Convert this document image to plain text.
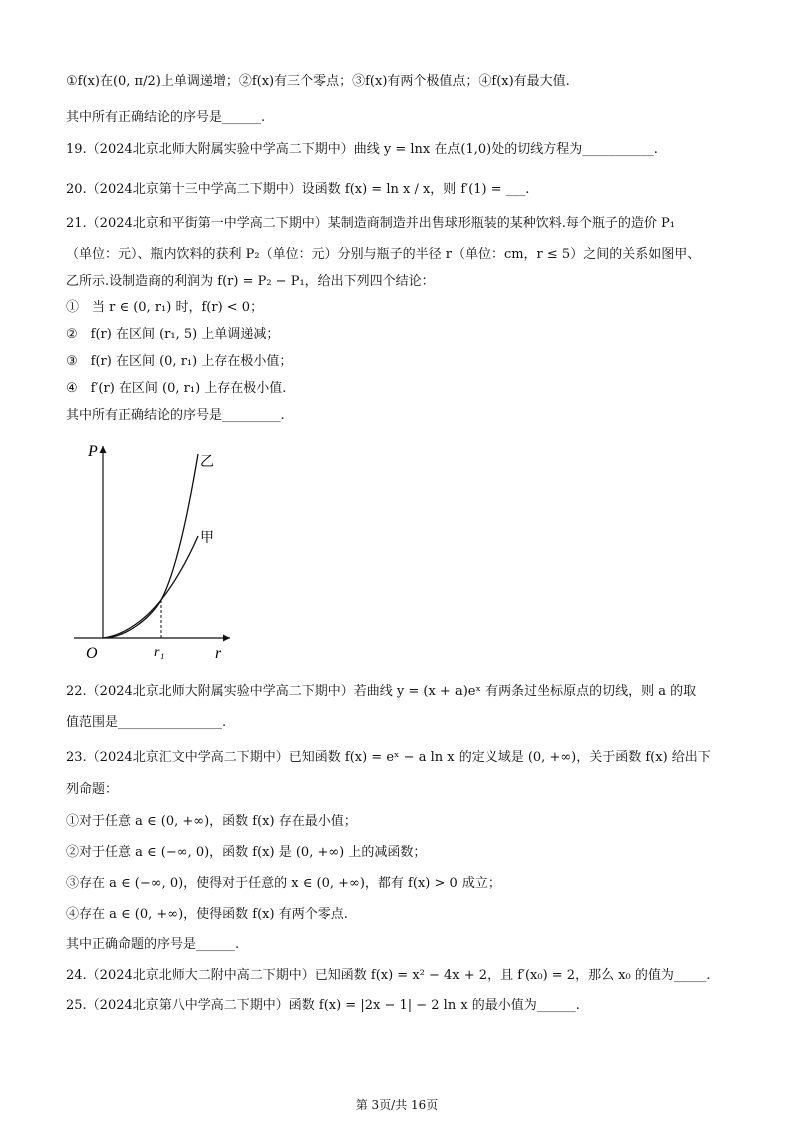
①f(x)在(0, π/2)上单调递增；②f(x)有三个零点；③f(x)有两个极值点；④f(x)有最大值.
其中所有正确结论的序号是______.
19.（2024北京北师大附属实验中学高二下期中）曲线 y = lnx 在点(1,0)处的切线方程为___________.
20.（2024北京第十三中学高二下期中）设函数 f(x) = ln x / x，则 f′(1) = ___.
21.（2024北京和平街第一中学高二下期中）某制造商制造并出售球形瓶装的某种饮料.每个瓶子的造价 P₁
（单位：元）、瓶内饮料的获利 P₂（单位：元）分别与瓶子的半径 r（单位：cm，r ≤ 5）之间的关系如图甲、
乙所示.设制造商的利润为 f(r) = P₂ − P₁，给出下列四个结论：
①　当 r ∈ (0, r₁) 时，f(r) < 0；
②　f(r) 在区间 (r₁, 5) 上单调递减；
③　f(r) 在区间 (0, r₁) 上存在极小值；
④　f′(r) 在区间 (0, r₁) 上存在极小值.
其中所有正确结论的序号是_________.
P
r
O	r₁
乙
甲
22.（2024北京北师大附属实验中学高二下期中）若曲线 y = (x + a)eˣ 有两条过坐标原点的切线，则 a 的取
值范围是________________.
23.（2024北京汇文中学高二下期中）已知函数 f(x) = eˣ − a ln x 的定义域是 (0, +∞)，关于函数 f(x) 给出下
列命题：
①对于任意 a ∈ (0, +∞)，函数 f(x) 存在最小值；
②对于任意 a ∈ (−∞, 0)，函数 f(x) 是 (0, +∞) 上的减函数；
③存在 a ∈ (−∞, 0)，使得对于任意的 x ∈ (0, +∞)，都有 f(x) > 0 成立；
④存在 a ∈ (0, +∞)，使得函数 f(x) 有两个零点.
其中正确命题的序号是______.
24.（2024北京北师大二附中高二下期中）已知函数 f(x) = x² − 4x + 2，且 f′(x₀) = 2，那么 x₀ 的值为_____.
25.（2024北京第八中学高二下期中）函数 f(x) = |2x − 1| − 2 ln x 的最小值为______.
第 3页/共 16页
